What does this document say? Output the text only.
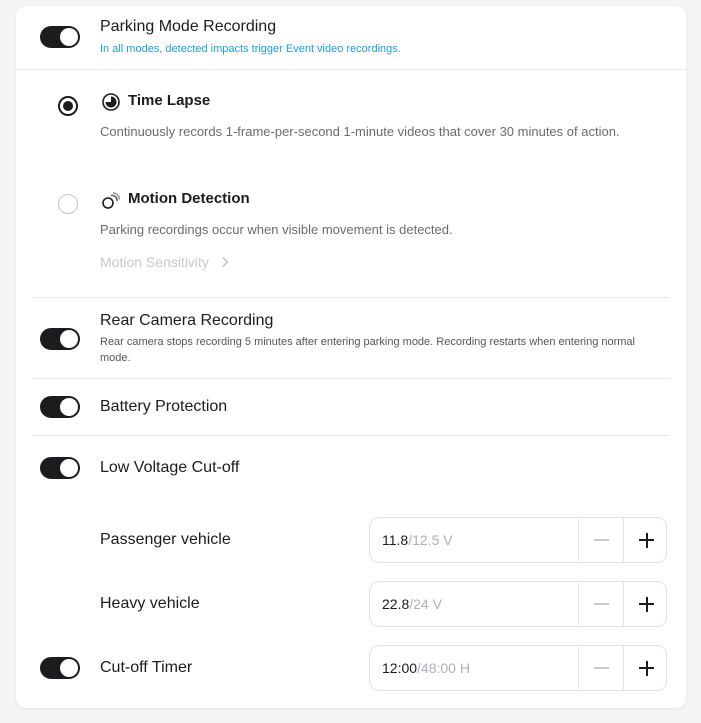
Parking Mode Recording
In all modes, detected impacts trigger Event video recordings.
Time Lapse
Continuously records 1-frame-per-second 1-minute videos that cover 30 minutes of action.
Motion Detection
Parking recordings occur when visible movement is detected.
Motion Sensitivity
Rear Camera Recording
Rear camera stops recording 5 minutes after entering parking mode. Recording restarts when entering normal mode.
Battery Protection
Low Voltage Cut-off
Passenger vehicle	11.8/12.5 V
Heavy vehicle	22.8/24 V
Cut-off Timer	12:00/48:00 H
